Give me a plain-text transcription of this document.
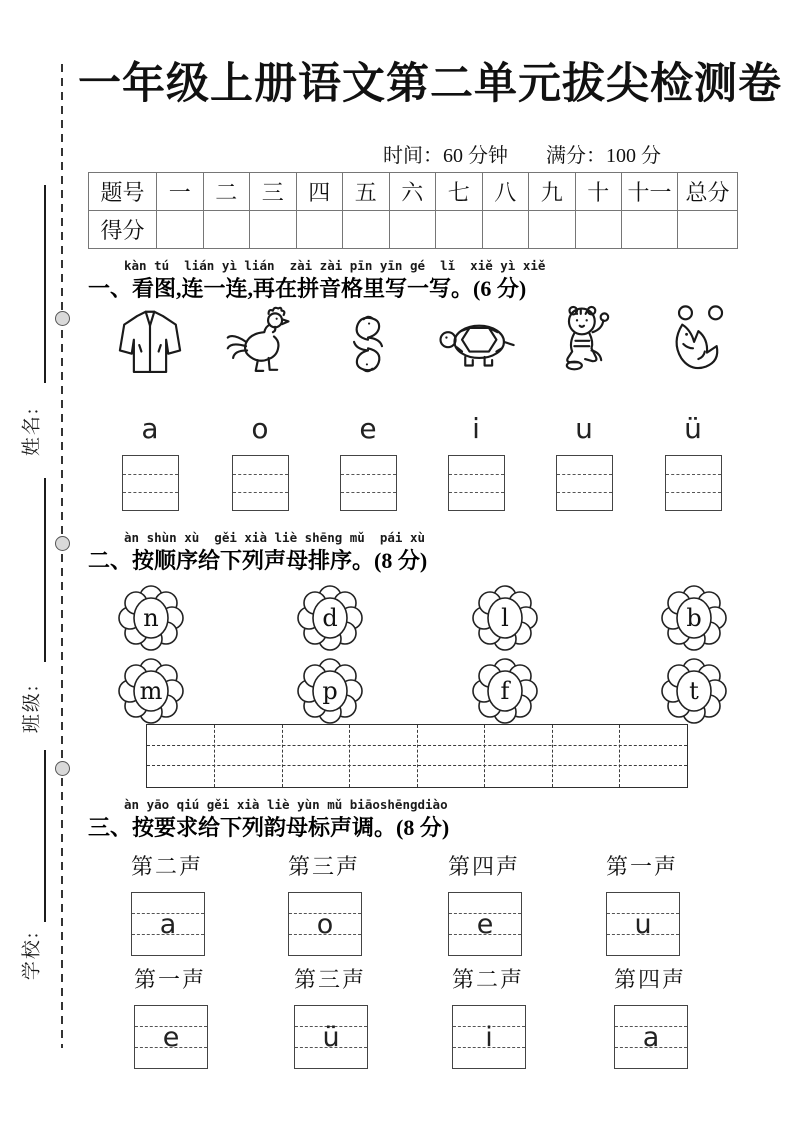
姓名:
班级:
学校:
一年级上册语文第二单元拔尖检测卷
时间：60 分钟 满分：100 分
题号	一	二	三	四	五	六	七	八	九	十	十一	总分
得分												
kàn tú  lián yì lián  zài zài pīn yīn gé  lǐ  xiě yì xiě
一、看图,连一连,再在拼音格里写一写。(6 分)
a	o	e	i	u	ü
àn shùn xù  gěi xià liè shēng mǔ  pái xù
二、按顺序给下列声母排序。(8 分)
n	d	l	b
m	p	f	t
àn yāo qiú gěi xià liè yùn mǔ biāoshēngdiào
三、按要求给下列韵母标声调。(8 分)
第二声	第三声	第四声	第一声
a	o	e	u
第一声	第三声	第二声	第四声
e	ü	i	a
